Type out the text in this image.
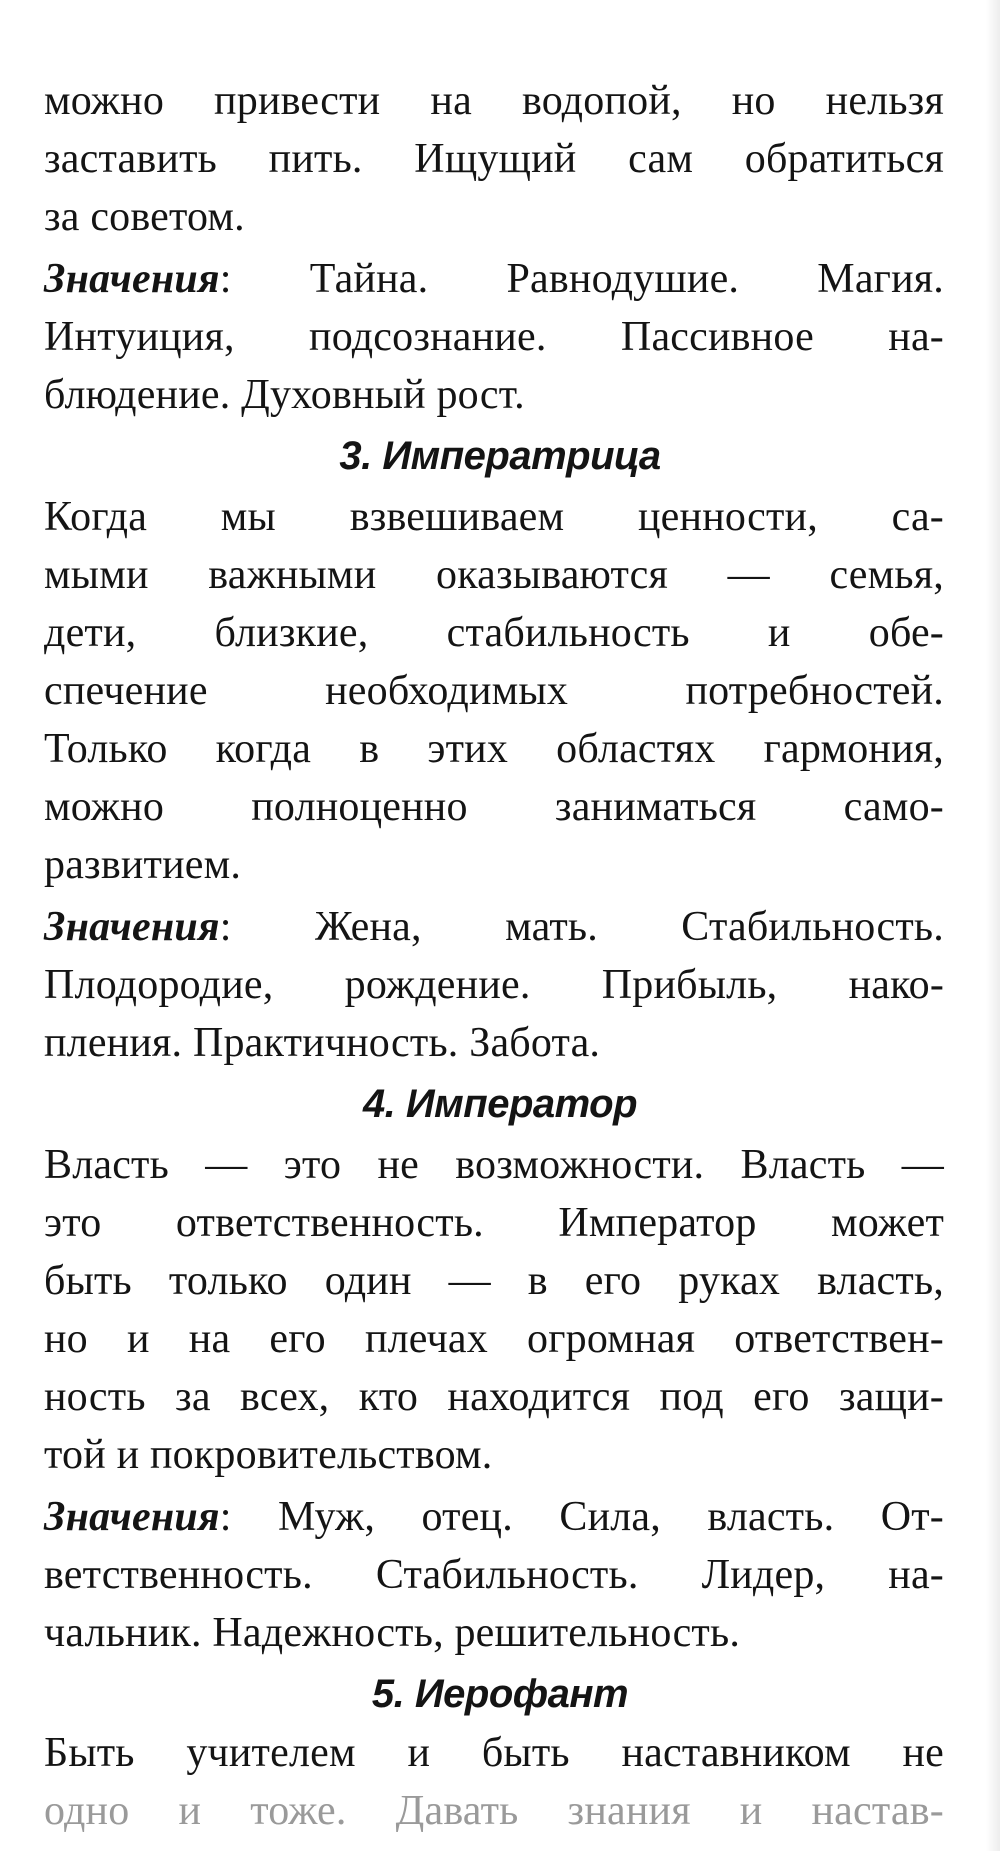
можно привести на водопой, но нельзя
заставить пить. Ищущий сам обратиться
за советом.
Значения: Тайна. Равнодушие. Магия.
Интуиция, подсознание. Пассивное на-
блюдение. Духовный рост.
3. Императрица
Когда мы взвешиваем ценности, са-
мыми важными оказываются — семья,
дети, близкие, стабильность и обе-
спечение необходимых потребностей.
Только когда в этих областях гармония,
можно полноценно заниматься само-
развитием.
Значения: Жена, мать. Стабильность.
Плодородие, рождение. Прибыль, нако-
пления. Практичность. Забота.
4. Император
Власть — это не возможности. Власть —
это ответственность. Император может
быть только один — в его руках власть,
но и на его плечах огромная ответствен-
ность за всех, кто находится под его защи-
той и покровительством.
Значения: Муж, отец. Сила, власть. От-
ветственность. Стабильность. Лидер, на-
чальник. Надежность, решительность.
5. Иерофант
Быть учителем и быть наставником не
одно и тоже. Давать знания и настав-
